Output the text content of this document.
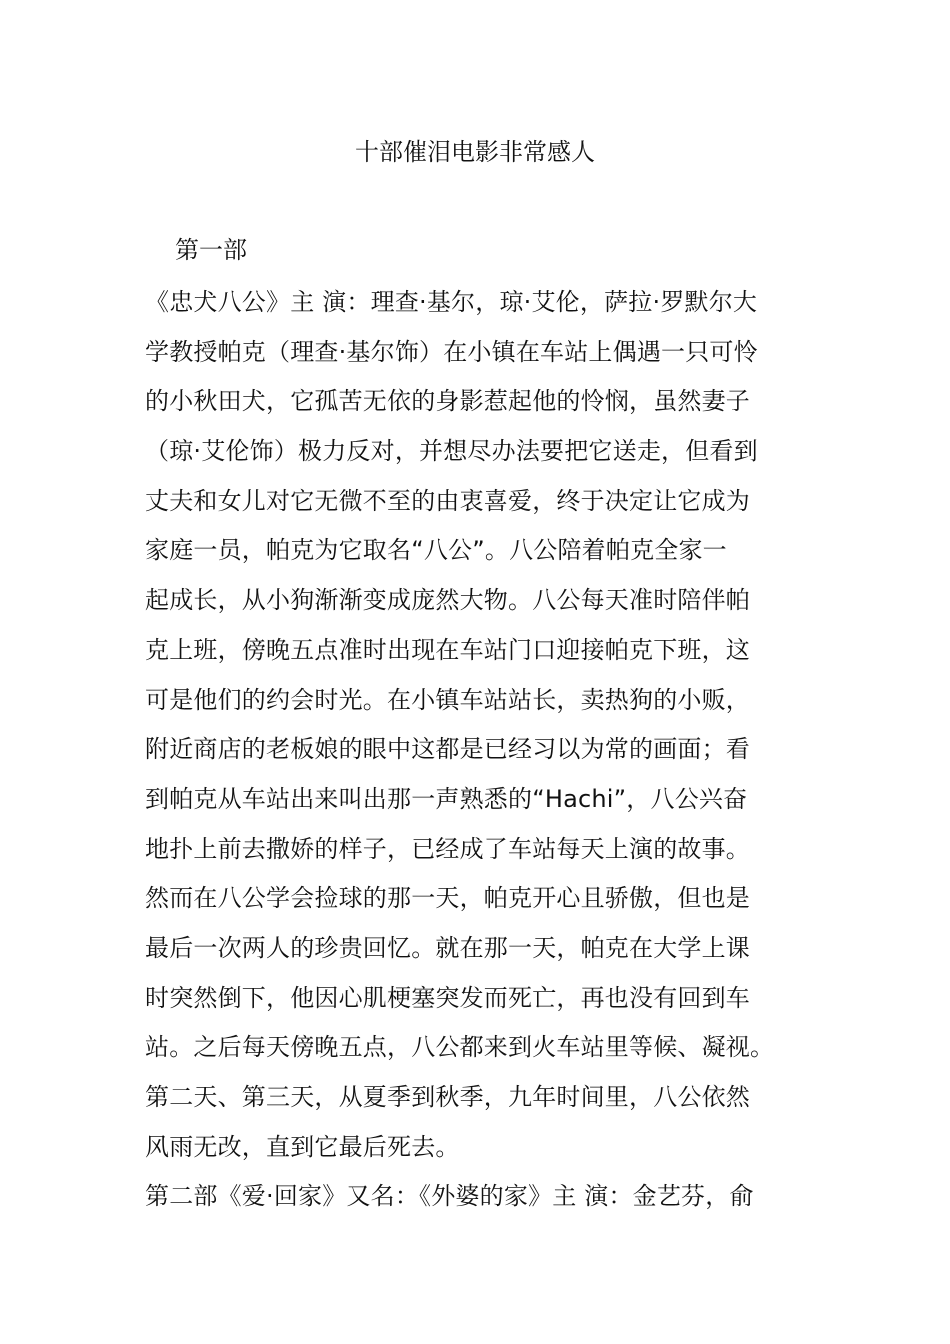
十部催泪电影非常感人
第一部
《忠犬八公》主 演：理查·基尔，琼·艾伦，萨拉·罗默尔大
学教授帕克（理查·基尔饰）在小镇在车站上偶遇一只可怜
的小秋田犬，它孤苦无依的身影惹起他的怜悯，虽然妻子
（琼·艾伦饰）极力反对，并想尽办法要把它送走，但看到
丈夫和女儿对它无微不至的由衷喜爱，终于决定让它成为
家庭一员，帕克为它取名“八公”。八公陪着帕克全家一
起成长，从小狗渐渐变成庞然大物。八公每天准时陪伴帕
克上班，傍晚五点准时出现在车站门口迎接帕克下班，这
可是他们的约会时光。在小镇车站站长，卖热狗的小贩，
附近商店的老板娘的眼中这都是已经习以为常的画面；看
到帕克从车站出来叫出那一声熟悉的“Hachi”，八公兴奋
地扑上前去撒娇的样子，已经成了车站每天上演的故事。
然而在八公学会捡球的那一天，帕克开心且骄傲，但也是
最后一次两人的珍贵回忆。就在那一天，帕克在大学上课
时突然倒下，他因心肌梗塞突发而死亡，再也没有回到车
站。之后每天傍晚五点，八公都来到火车站里等候、凝视。
第二天、第三天，从夏季到秋季，九年时间里，八公依然
风雨无改，直到它最后死去。
第二部《爱·回家》又名：《外婆的家》主 演：金艺芬，俞
